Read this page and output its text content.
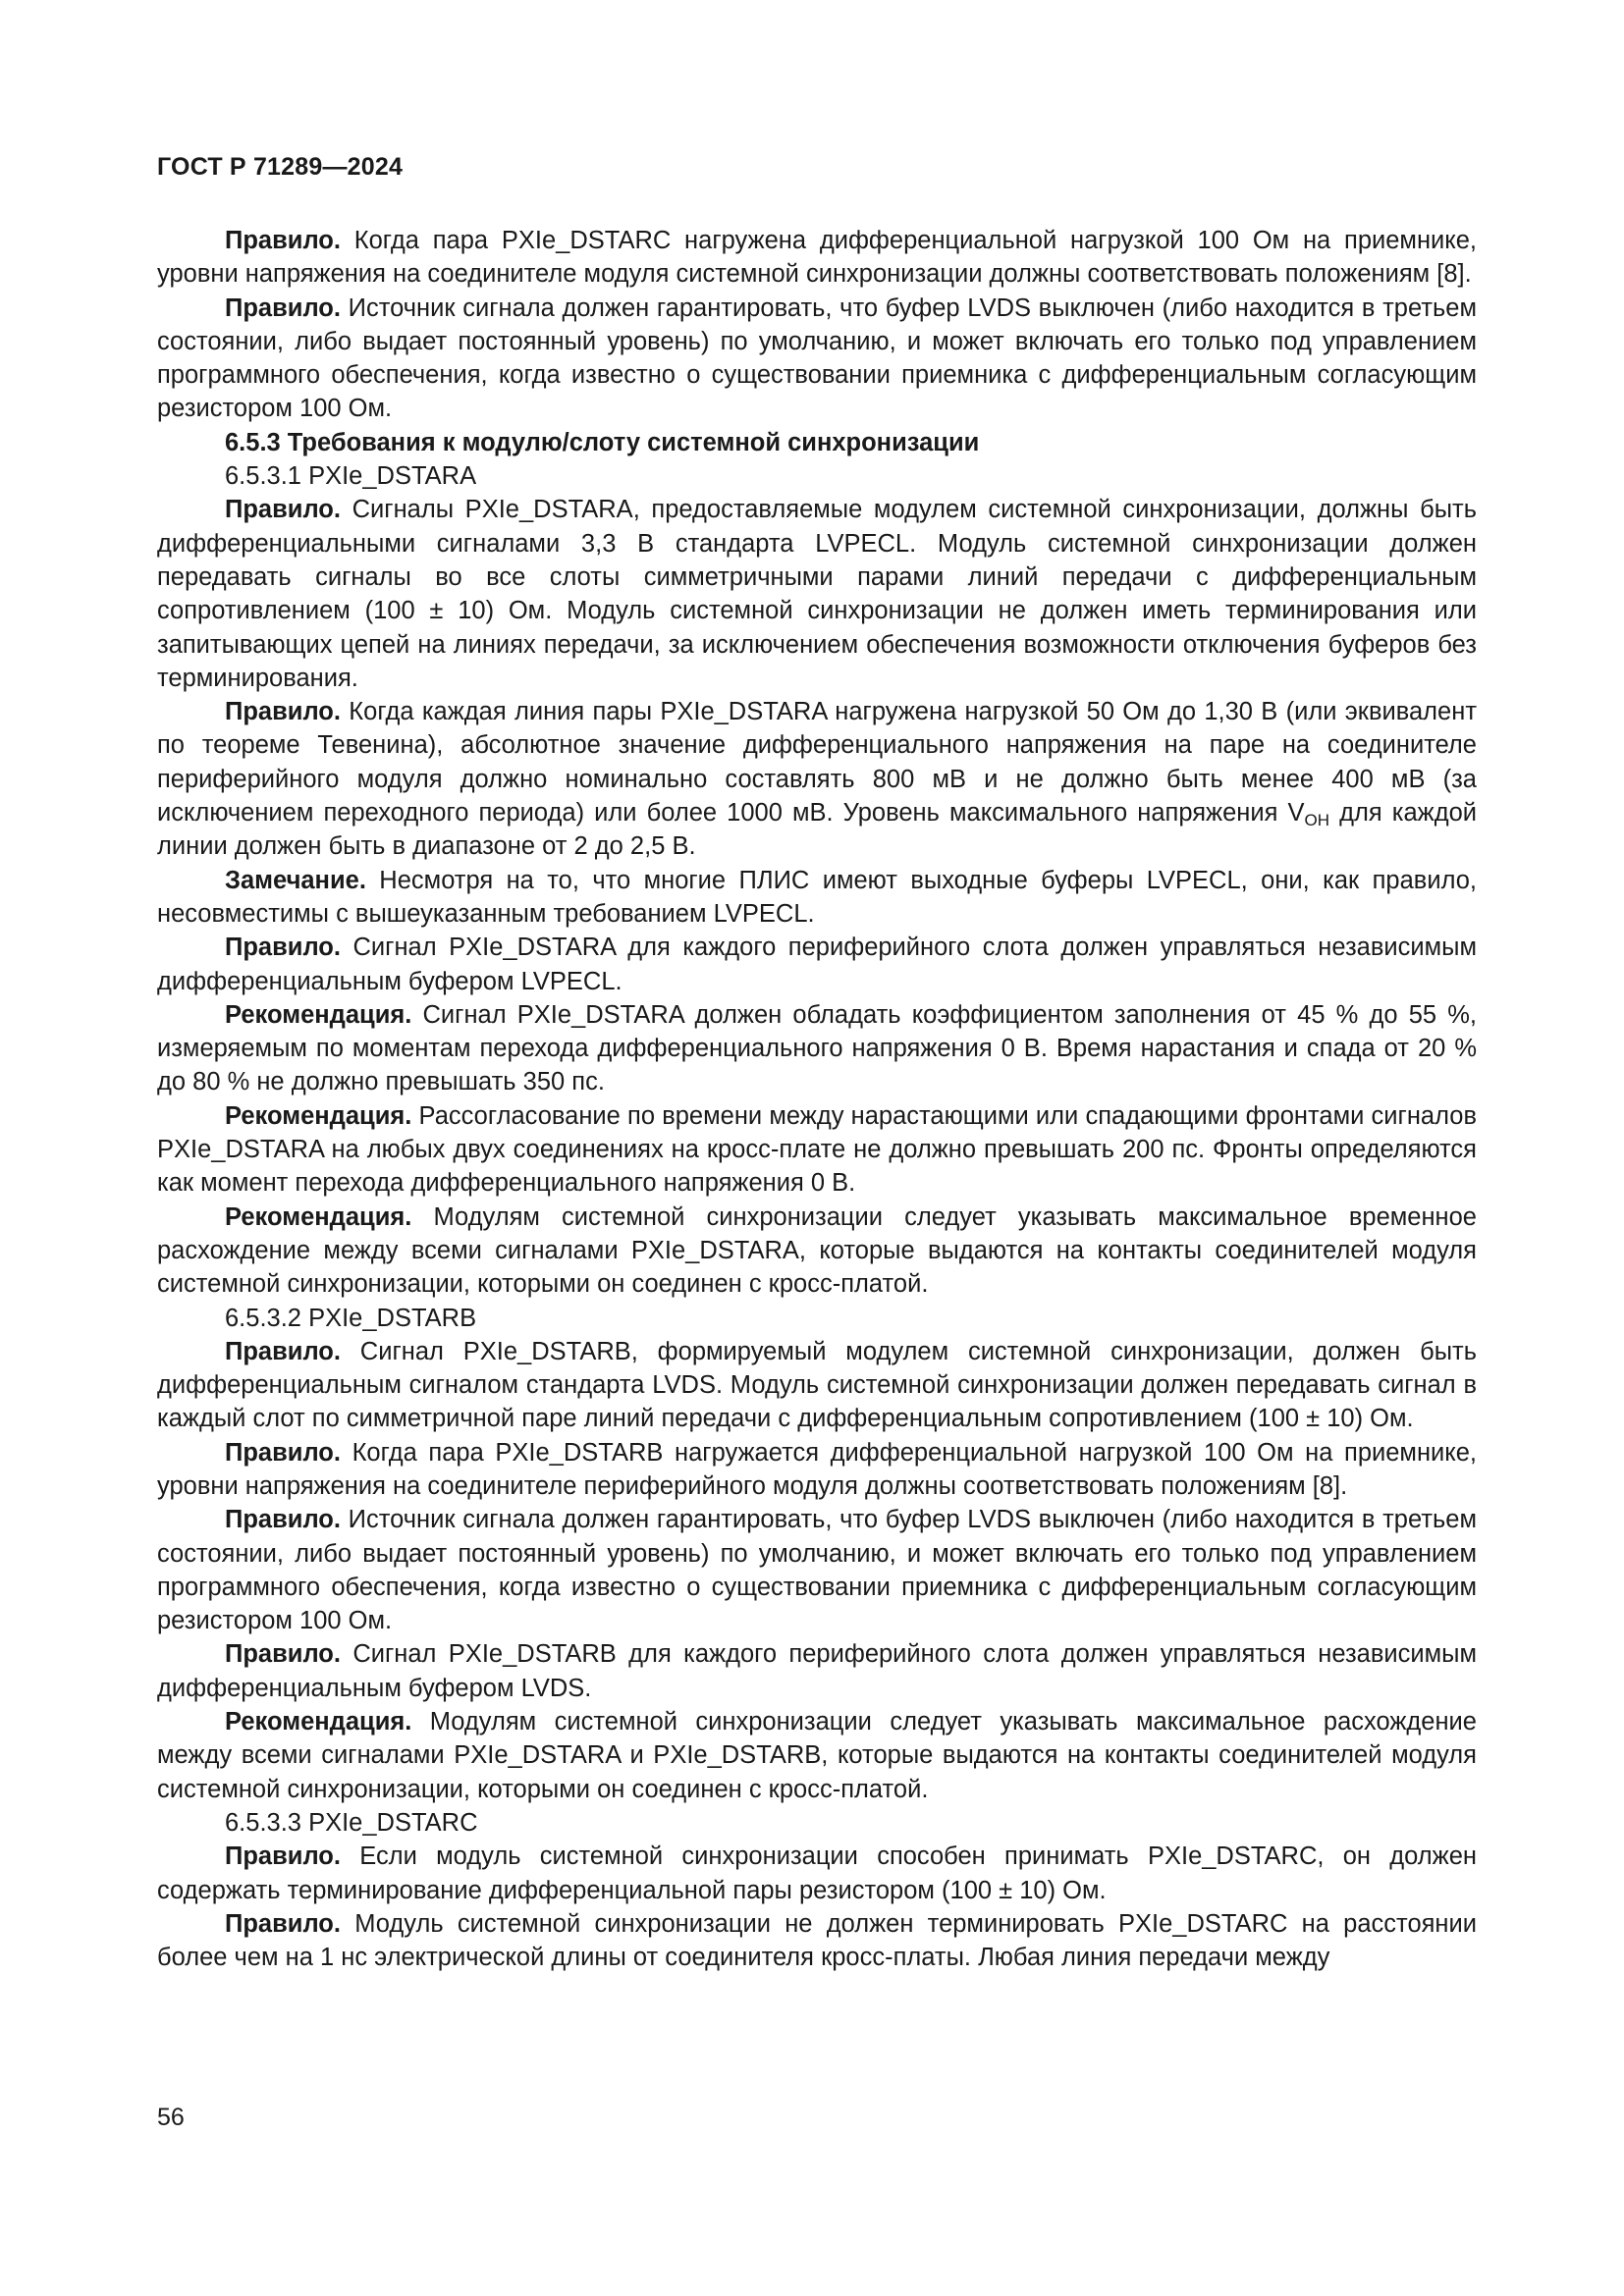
ГОСТ Р 71289—2024

Правило. Когда пара PXIe_DSTARC нагружена дифференциальной нагрузкой 100 Ом на приемнике, уровни напряжения на соединителе модуля системной синхронизации должны соответствовать положениям [8].

Правило. Источник сигнала должен гарантировать, что буфер LVDS выключен (либо находится в третьем состоянии, либо выдает постоянный уровень) по умолчанию, и может включать его только под управлением программного обеспечения, когда известно о существовании приемника с дифференциальным согласующим резистором 100 Ом.

6.5.3 Требования к модулю/слоту системной синхронизации

6.5.3.1 PXIe_DSTARA

Правило. Сигналы PXIe_DSTARA, предоставляемые модулем системной синхронизации, должны быть дифференциальными сигналами 3,3 В стандарта LVPECL. Модуль системной синхронизации должен передавать сигналы во все слоты симметричными парами линий передачи с дифференциальным сопротивлением (100 ± 10) Ом. Модуль системной синхронизации не должен иметь терминирования или запитывающих цепей на линиях передачи, за исключением обеспечения возможности отключения буферов без терминирования.

Правило. Когда каждая линия пары PXIe_DSTARA нагружена нагрузкой 50 Ом до 1,30 В (или эквивалент по теореме Тевенина), абсолютное значение дифференциального напряжения на паре на соединителе периферийного модуля должно номинально составлять 800 мВ и не должно быть менее 400 мВ (за исключением переходного периода) или более 1000 мВ. Уровень максимального напряжения $V_{OH}$ для каждой линии должен быть в диапазоне от 2 до 2,5 В.

Замечание. Несмотря на то, что многие ПЛИС имеют выходные буферы LVPECL, они, как правило, несовместимы с вышеуказанным требованием LVPECL.

Правило. Сигнал PXIe_DSTARA для каждого периферийного слота должен управляться независимым дифференциальным буфером LVPECL.

Рекомендация. Сигнал PXIe_DSTARA должен обладать коэффициентом заполнения от 45 % до 55 %, измеряемым по моментам перехода дифференциального напряжения 0 В. Время нарастания и спада от 20 % до 80 % не должно превышать 350 пс.

Рекомендация. Рассогласование по времени между нарастающими или спадающими фронтами сигналов PXIe_DSTARA на любых двух соединениях на кросс-плате не должно превышать 200 пс. Фронты определяются как момент перехода дифференциального напряжения 0 В.

Рекомендация. Модулям системной синхронизации следует указывать максимальное временное расхождение между всеми сигналами PXIe_DSTARA, которые выдаются на контакты соединителей модуля системной синхронизации, которыми он соединен с кросс-платой.

6.5.3.2 PXIe_DSTARB

Правило. Сигнал PXIe_DSTARB, формируемый модулем системной синхронизации, должен быть дифференциальным сигналом стандарта LVDS. Модуль системной синхронизации должен передавать сигнал в каждый слот по симметричной паре линий передачи с дифференциальным сопротивлением (100 ± 10) Ом.

Правило. Когда пара PXIe_DSTARB нагружается дифференциальной нагрузкой 100 Ом на приемнике, уровни напряжения на соединителе периферийного модуля должны соответствовать положениям [8].

Правило. Источник сигнала должен гарантировать, что буфер LVDS выключен (либо находится в третьем состоянии, либо выдает постоянный уровень) по умолчанию, и может включать его только под управлением программного обеспечения, когда известно о существовании приемника с дифференциальным согласующим резистором 100 Ом.

Правило. Сигнал PXIe_DSTARB для каждого периферийного слота должен управляться независимым дифференциальным буфером LVDS.

Рекомендация. Модулям системной синхронизации следует указывать максимальное расхождение между всеми сигналами PXIe_DSTARA и PXIe_DSTARB, которые выдаются на контакты соединителей модуля системной синхронизации, которыми он соединен с кросс-платой.

6.5.3.3 PXIe_DSTARC

Правило. Если модуль системной синхронизации способен принимать PXIe_DSTARC, он должен содержать терминирование дифференциальной пары резистором (100 ± 10) Ом.

Правило. Модуль системной синхронизации не должен терминировать PXIe_DSTARC на расстоянии более чем на 1 нс электрической длины от соединителя кросс-платы. Любая линия передачи между

56
